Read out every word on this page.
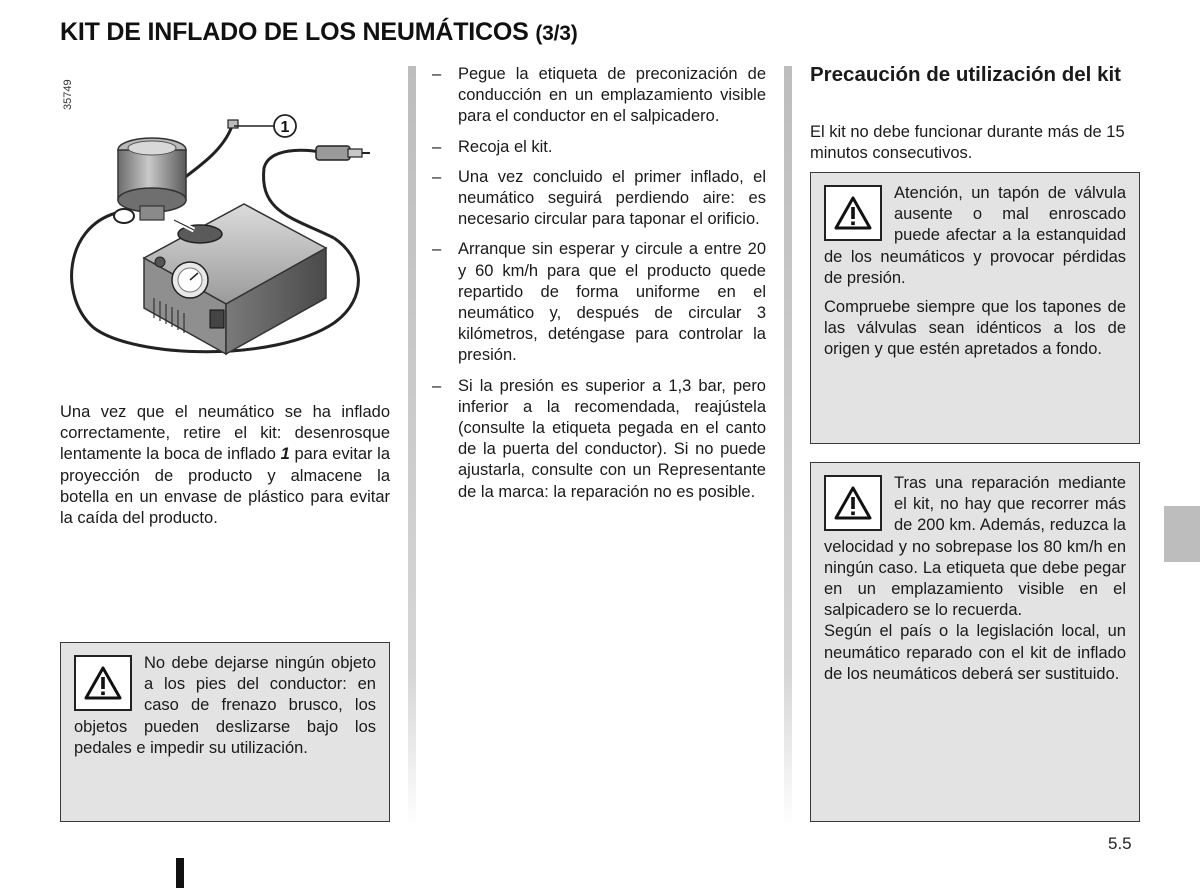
KIT DE INFLADO DE LOS NEUMÁTICOS (3/3)
35749
1
Una vez que el neumático se ha inflado correctamente, retire el kit: desenrosque lentamente la boca de inflado 1 para evitar la proyección de producto y almacene la botella en un envase de plástico para evitar la caída del producto.

No debe dejarse ningún objeto a los pies del conductor: en caso de frenazo brusco, los objetos pueden deslizarse bajo los pedales e impedir su utilización.

– Pegue la etiqueta de preconización de conducción en un emplazamiento visible para el conductor en el salpicadero.
– Recoja el kit.
– Una vez concluido el primer inflado, el neumático seguirá perdiendo aire: es necesario circular para taponar el orificio.
– Arranque sin esperar y circule a entre 20 y 60 km/h para que el producto quede repartido de forma uniforme en el neumático y, después de circular 3 kilómetros, deténgase para controlar la presión.
– Si la presión es superior a 1,3 bar, pero inferior a la recomendada, reajústela (consulte la etiqueta pegada en el canto de la puerta del conductor). Si no puede ajustarla, consulte con un Representante de la marca: la reparación no es posible.
Precaución de utilización del kit
El kit no debe funcionar durante más de 15 minutos consecutivos.

Atención, un tapón de válvula ausente o mal enroscado puede afectar a la estanquidad de los neumáticos y provocar pérdidas de presión.

Compruebe siempre que los tapones de las válvulas sean idénticos a los de origen y que estén apretados a fondo.

Tras una reparación mediante el kit, no hay que recorrer más de 200 km. Además, reduzca la velocidad y no sobrepase los 80 km/h en ningún caso. La etiqueta que debe pegar en un emplazamiento visible en el salpicadero se lo recuerda.

Según el país o la legislación local, un neumático reparado con el kit de inflado de los neumáticos deberá ser sustituido.

5.5
